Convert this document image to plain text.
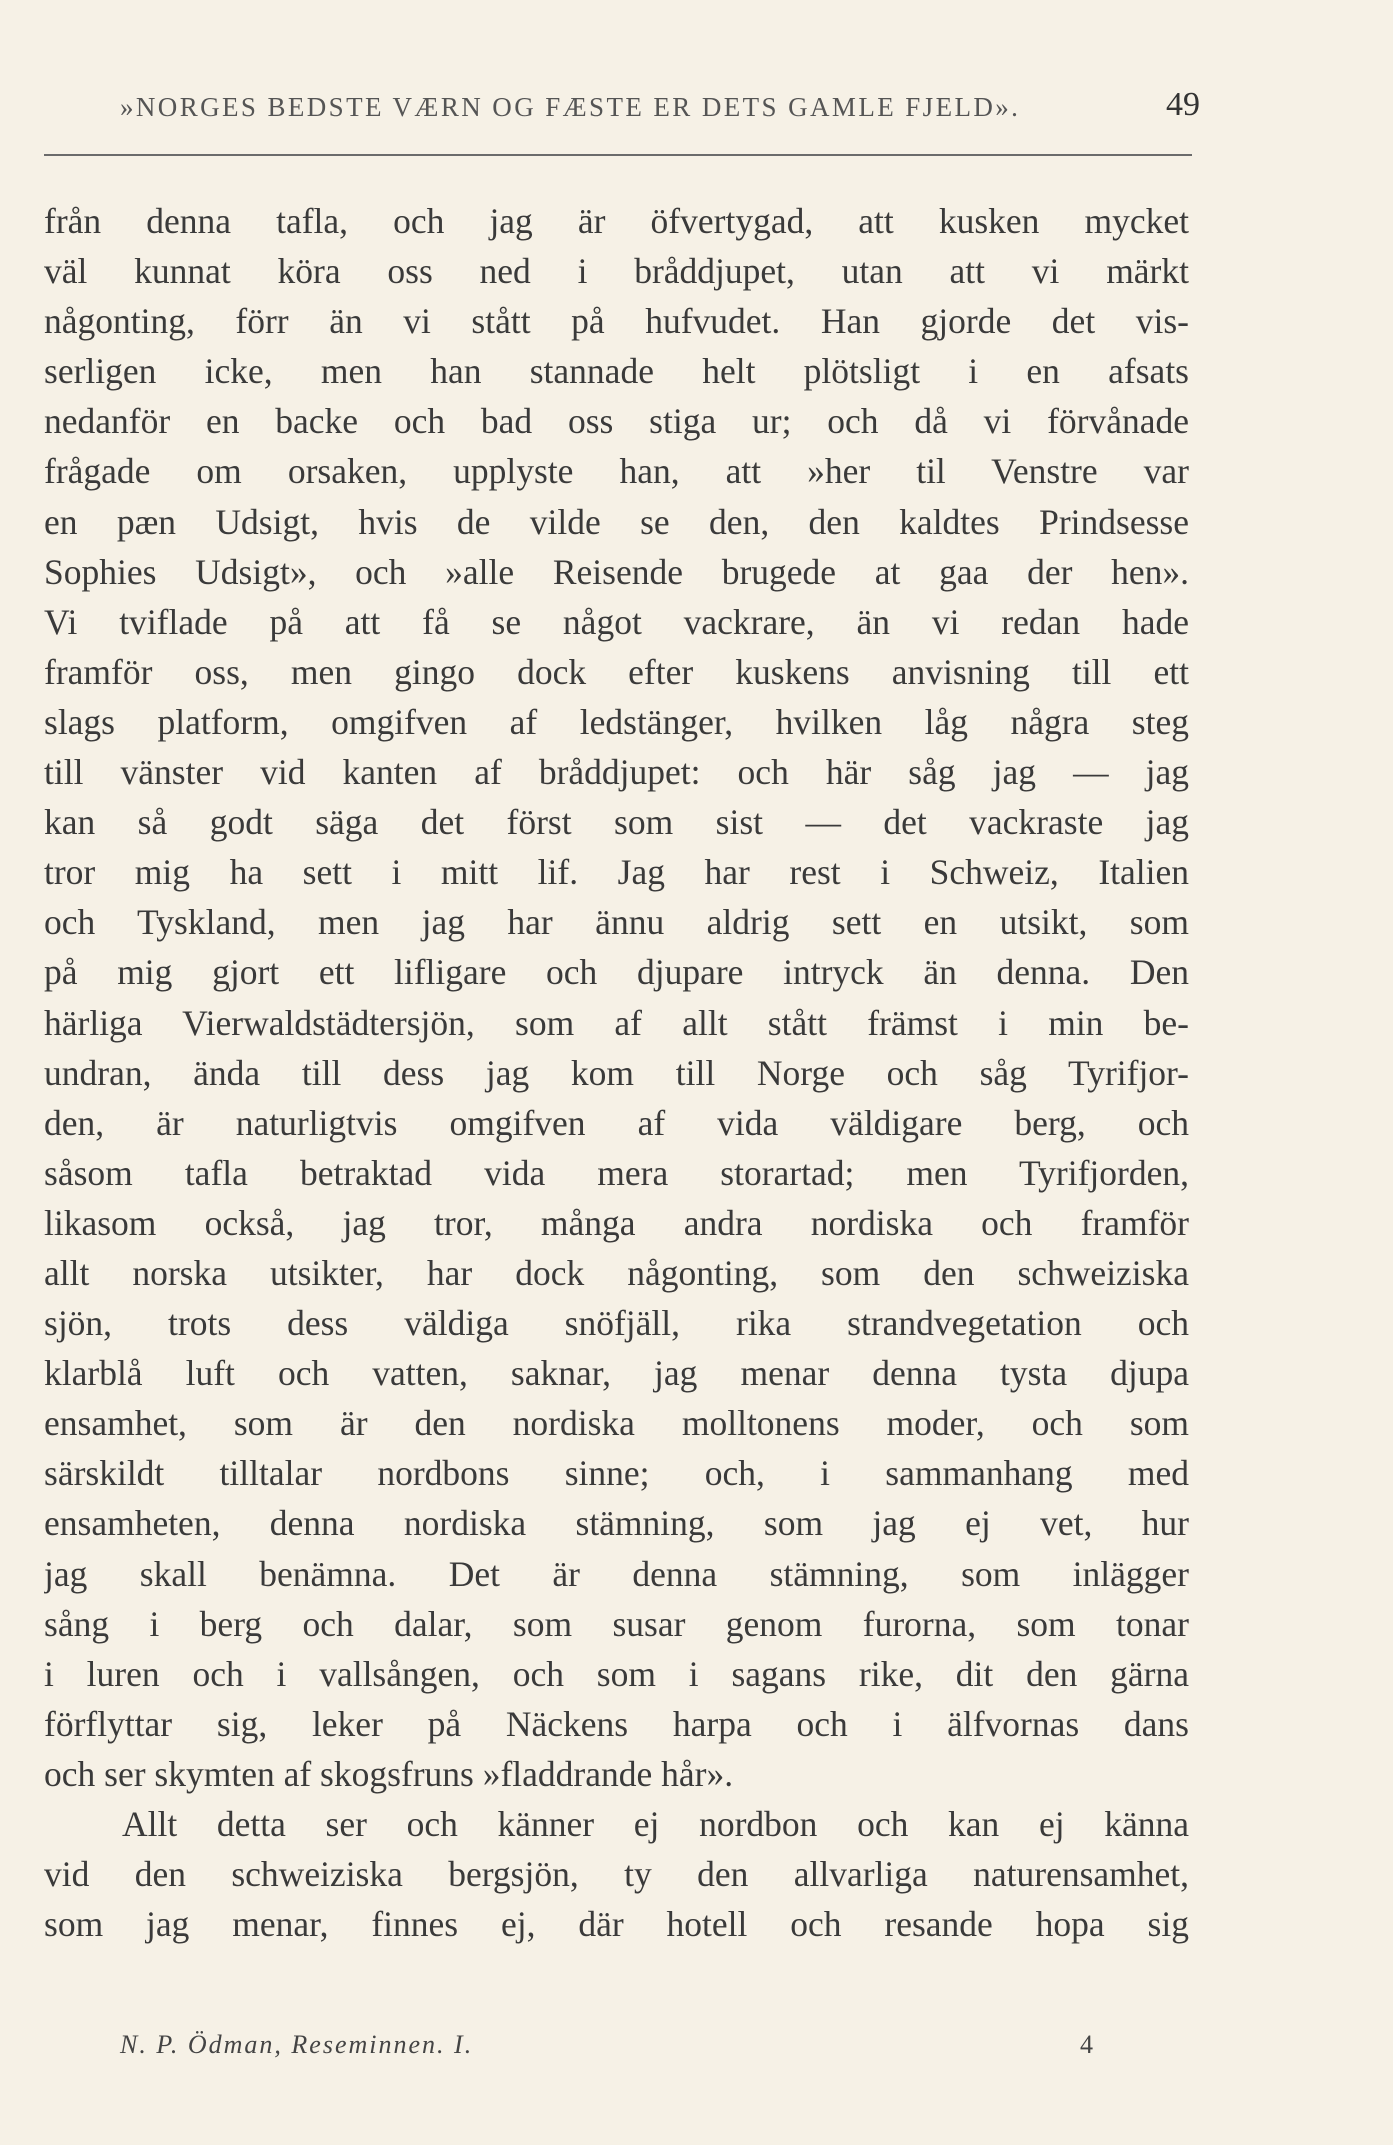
»NORGES BEDSTE VÆRN OG FÆSTE ER DETS GAMLE FJELD».	49
från denna tafla, och jag är öfvertygad, att kusken mycket
väl kunnat köra oss ned i bråddjupet, utan att vi märkt
någonting, förr än vi stått på hufvudet. Han gjorde det vis-
serligen icke, men han stannade helt plötsligt i en afsats
nedanför en backe och bad oss stiga ur; och då vi förvånade
frågade om orsaken, upplyste han, att »her til Venstre var
en pæn Udsigt, hvis de vilde se den, den kaldtes Prindsesse
Sophies Udsigt», och »alle Reisende brugede at gaa der hen».
Vi tviflade på att få se något vackrare, än vi redan hade
framför oss, men gingo dock efter kuskens anvisning till ett
slags platform, omgifven af ledstänger, hvilken låg några steg
till vänster vid kanten af bråddjupet: och här såg jag — jag
kan så godt säga det först som sist — det vackraste jag
tror mig ha sett i mitt lif. Jag har rest i Schweiz, Italien
och Tyskland, men jag har ännu aldrig sett en utsikt, som
på mig gjort ett lifligare och djupare intryck än denna. Den
härliga Vierwaldstädtersjön, som af allt stått främst i min be-
undran, ända till dess jag kom till Norge och såg Tyrifjor-
den, är naturligtvis omgifven af vida väldigare berg, och
såsom tafla betraktad vida mera storartad; men Tyrifjorden,
likasom också, jag tror, många andra nordiska och framför
allt norska utsikter, har dock någonting, som den schweiziska
sjön, trots dess väldiga snöfjäll, rika strandvegetation och
klarblå luft och vatten, saknar, jag menar denna tysta djupa
ensamhet, som är den nordiska molltonens moder, och som
särskildt tilltalar nordbons sinne; och, i sammanhang med
ensamheten, denna nordiska stämning, som jag ej vet, hur
jag skall benämna. Det är denna stämning, som inlägger
sång i berg och dalar, som susar genom furorna, som tonar
i luren och i vallsången, och som i sagans rike, dit den gärna
förflyttar sig, leker på Näckens harpa och i älfvornas dans
och ser skymten af skogsfruns »fladdrande hår».
Allt detta ser och känner ej nordbon och kan ej känna
vid den schweiziska bergsjön, ty den allvarliga naturensamhet,
som jag menar, finnes ej, där hotell och resande hopa sig
N. P. Ödman, Reseminnen. I.	4
